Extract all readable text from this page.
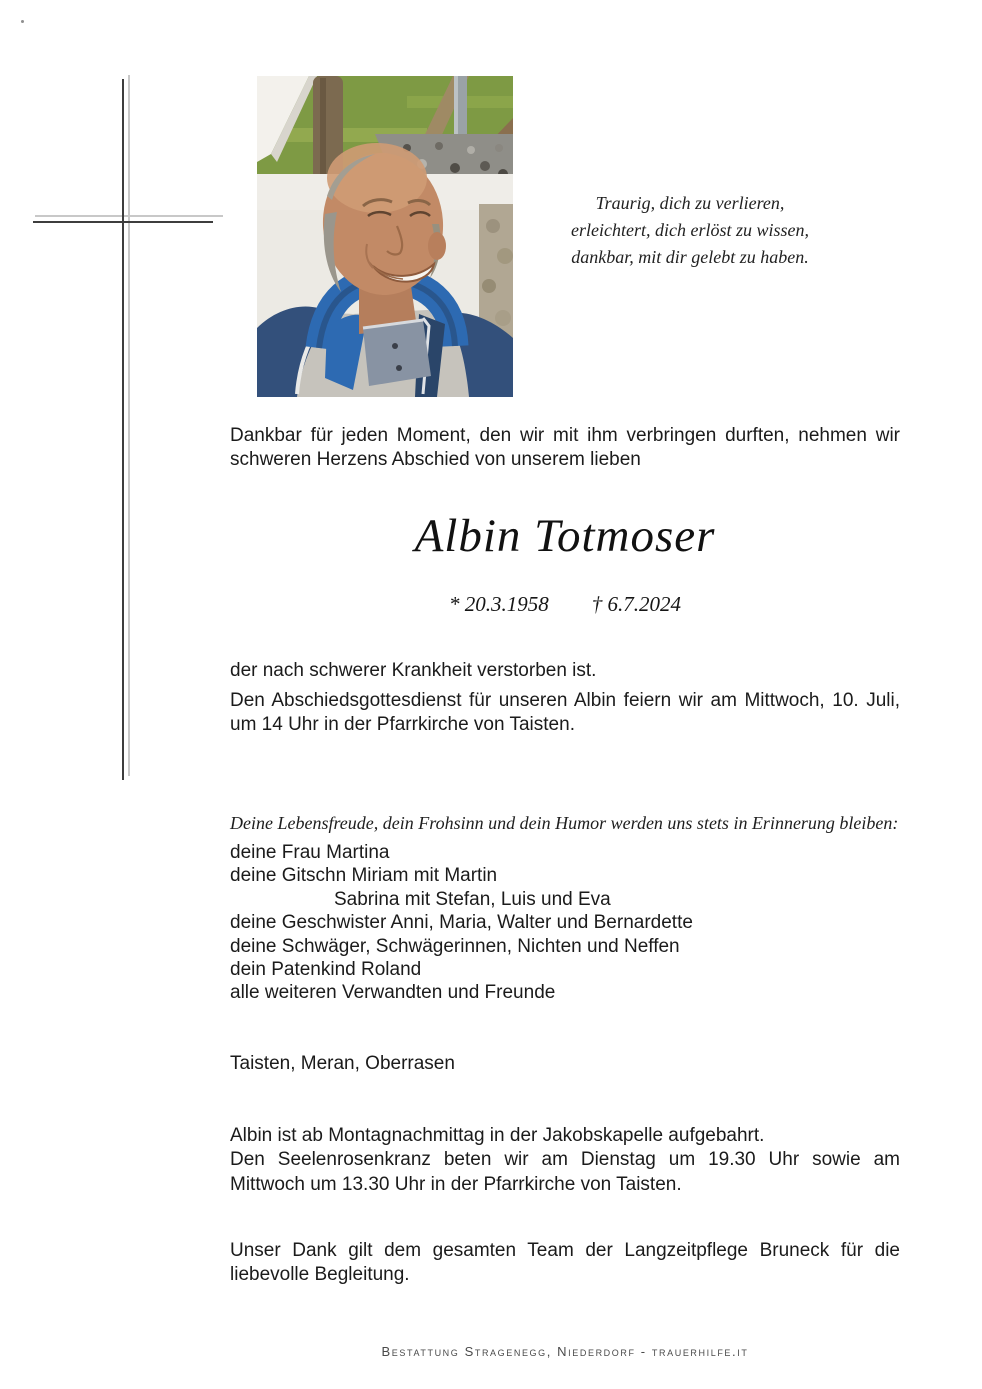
Traurig, dich zu verlieren,
erleichtert, dich erlöst zu wissen,
dankbar, mit dir gelebt zu haben.
Dankbar für jeden Moment, den wir mit ihm verbringen durften, nehmen wir
schweren Herzens Abschied von unserem lieben
Albin Totmoser
* 20.3.1958 † 6.7.2024
der nach schwerer Krankheit verstorben ist.
Den Abschiedsgottesdienst für unseren Albin feiern wir am Mittwoch, 10. Juli,
um 14 Uhr in der Pfarrkirche von Taisten.
Deine Lebensfreude, dein Frohsinn und dein Humor werden uns stets in Erinnerung bleiben:
deine Frau Martina
deine Gitschn Miriam mit Martin
Sabrina mit Stefan, Luis und Eva
deine Geschwister Anni, Maria, Walter und Bernardette
deine Schwäger, Schwägerinnen, Nichten und Neffen
dein Patenkind Roland
alle weiteren Verwandten und Freunde
Taisten, Meran, Oberrasen
Albin ist ab Montagnachmittag in der Jakobskapelle aufgebahrt.
Den Seelenrosenkranz beten wir am Dienstag um 19.30 Uhr sowie am
Mittwoch um 13.30 Uhr in der Pfarrkirche von Taisten.
Unser Dank gilt dem gesamten Team der Langzeitpflege Bruneck für die
liebevolle Begleitung.
Bestattung Stragenegg, Niederdorf - trauerhilfe.it
